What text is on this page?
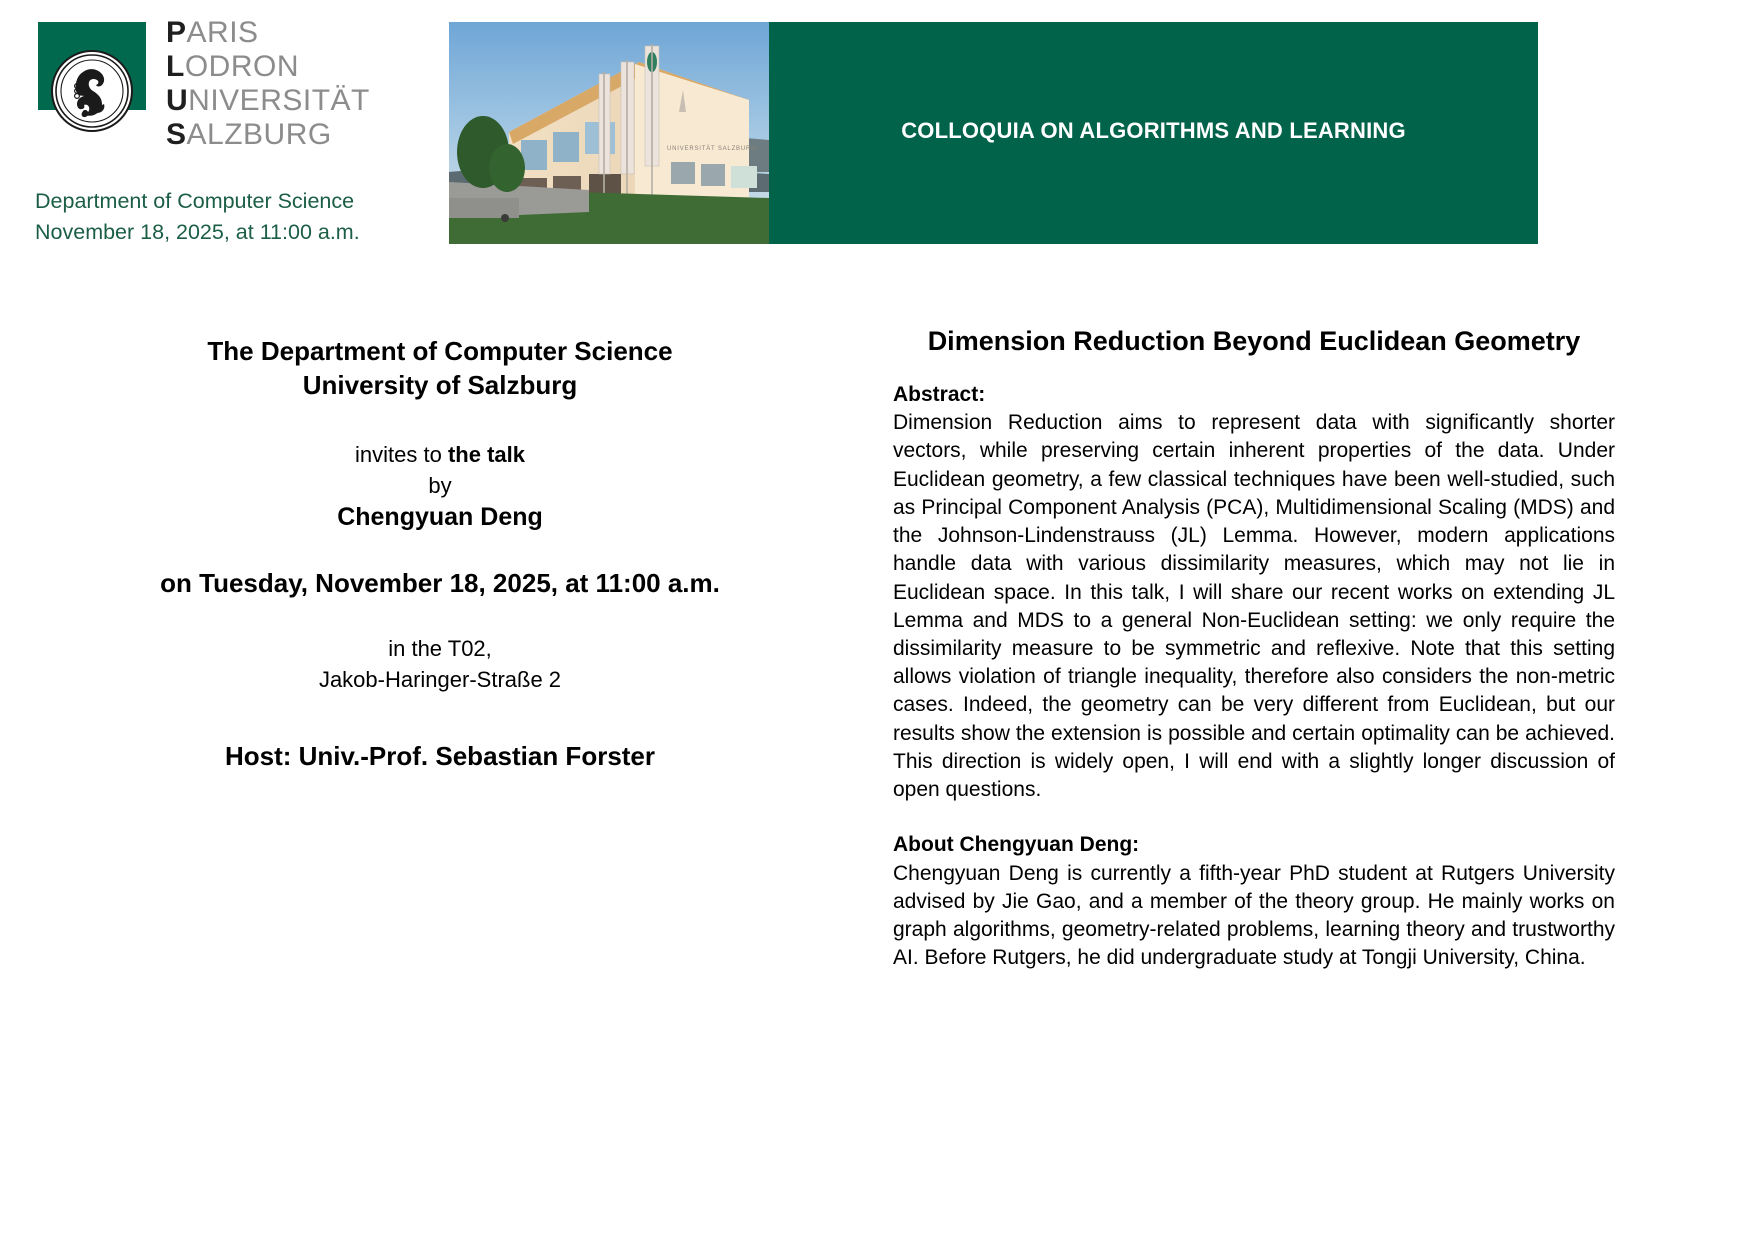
PARIS
LODRON
UNIVERSITÄT
SALZBURG
Department of Computer Science
November 18, 2025, at 11:00 a.m.
UNIVERSITÄT SALZBURG
COLLOQUIA ON ALGORITHMS AND LEARNING
The Department of Computer Science
University of Salzburg
invites to the talk
by
Chengyuan Deng
on Tuesday, November 18, 2025, at 11:00 a.m.
in the T02,
Jakob-Haringer-Straße 2
Host: Univ.-Prof. Sebastian Forster
Dimension Reduction Beyond Euclidean Geometry
Abstract:
Dimension Reduction aims to represent data with significantly shorter vectors, while preserving certain inherent properties of the data. Under Euclidean geometry, a few classical techniques have been well-studied, such as Principal Component Analysis (PCA), Multidimensional Scaling (MDS) and the Johnson-Lindenstrauss (JL) Lemma. However, modern applications handle data with various dissimilarity measures, which may not lie in Euclidean space. In this talk, I will share our recent works on extending JL Lemma and MDS to a general Non-Euclidean setting: we only require the dissimilarity measure to be symmetric and reflexive. Note that this setting allows violation of triangle inequality, therefore also considers the non-metric cases. Indeed, the geometry can be very different from Euclidean, but our results show the extension is possible and certain optimality can be achieved. This direction is widely open, I will end with a slightly longer discussion of open questions.
About Chengyuan Deng:
Chengyuan Deng is currently a fifth-year PhD student at Rutgers University advised by Jie Gao, and a member of the theory group. He mainly works on graph algorithms, geometry-related problems, learning theory and trustworthy AI. Before Rutgers, he did undergraduate study at Tongji University, China.
